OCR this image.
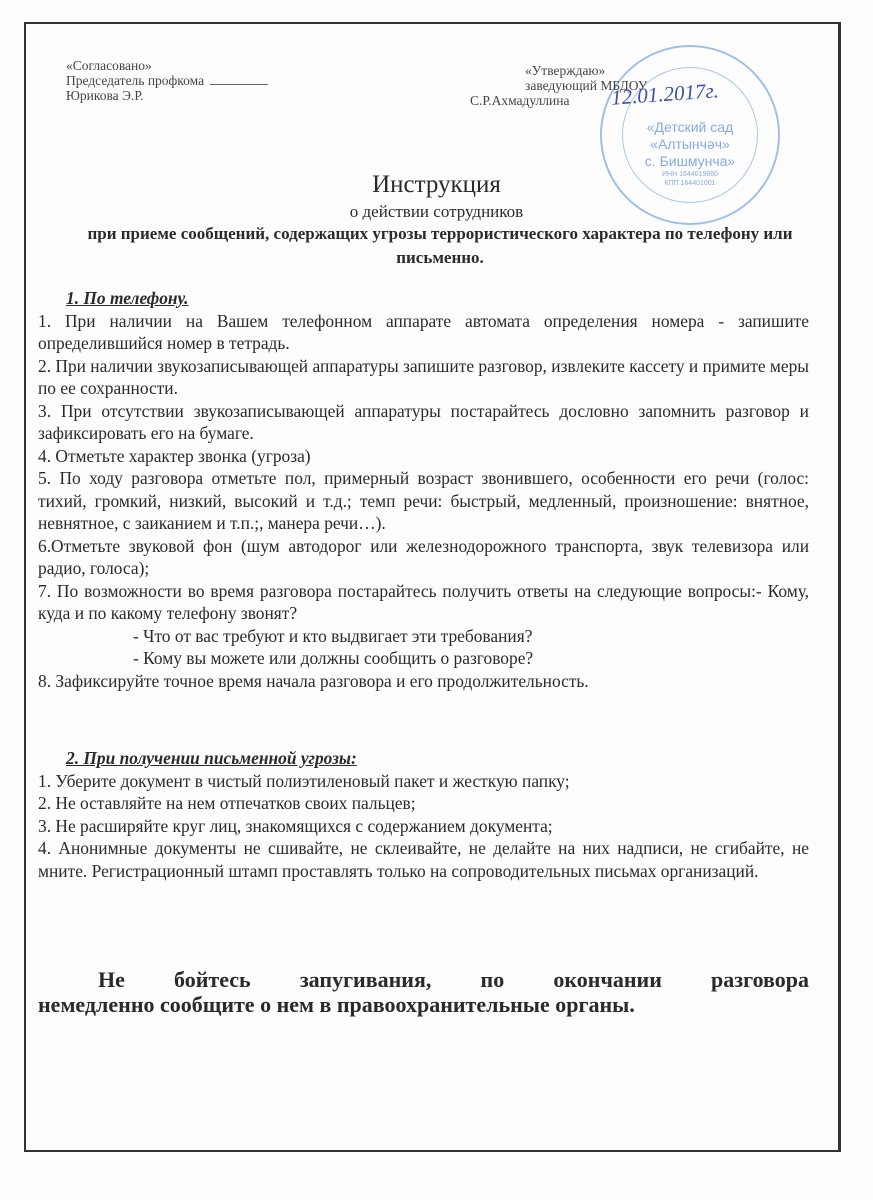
«Согласовано»
Председатель профкома
Юрикова Э.Р.
«Детский сад
«Алтынчәч»
с. Бишмунча»
ИНН 1644019860
КПП 164401001
«Утверждаю»
заведующий МБДОУ
С.Р.Ахмадуллина	12.01.2017г.
Инструкция
о действии сотрудников
при приеме сообщений, содержащих угрозы террористического характера по телефону или письменно.

1. По телефону.

1. При наличии на Вашем телефонном аппарате автомата определения номера - запишите определившийся номер в тетрадь.

2. При наличии звукозаписывающей аппаратуры запишите разговор, извлеките кассету и примите меры по ее сохранности.

3. При отсутствии звукозаписывающей аппаратуры постарайтесь дословно запомнить разговор и зафиксировать его на бумаге.

4. Отметьте характер звонка (угроза)

5. По ходу разговора отметьте пол, примерный возраст звонившего, особенности его речи (голос: тихий, громкий, низкий, высокий и т.д.; темп речи: быстрый, медленный, произношение: внятное, невнятное, с заиканием и т.п.;, манера речи…).

6.Отметьте звуковой фон (шум автодорог или железнодорожного транспорта, звук телевизора или радио, голоса);

7. По возможности во время разговора постарайтесь получить ответы на следующие вопросы:- Кому, куда и по какому телефону звонят?

- Что от вас требуют и кто выдвигает эти требования?

- Кому вы можете или должны сообщить о разговоре?

8. Зафиксируйте точное время начала разговора и его продолжительность.

2. При получении письменной угрозы:

1. Уберите документ в чистый полиэтиленовый пакет и жесткую папку;

2. Не оставляйте на нем отпечатков своих пальцев;

3. Не расширяйте круг лиц, знакомящихся с содержанием документа;

4. Анонимные документы не сшивайте, не склеивайте, не делайте на них надписи, не сгибайте, не мните. Регистрационный штамп проставлять только на сопроводительных письмах организаций.

Не бойтесь запугивания, по окончании разговора
немедленно сообщите о нем в правоохранительные органы.
